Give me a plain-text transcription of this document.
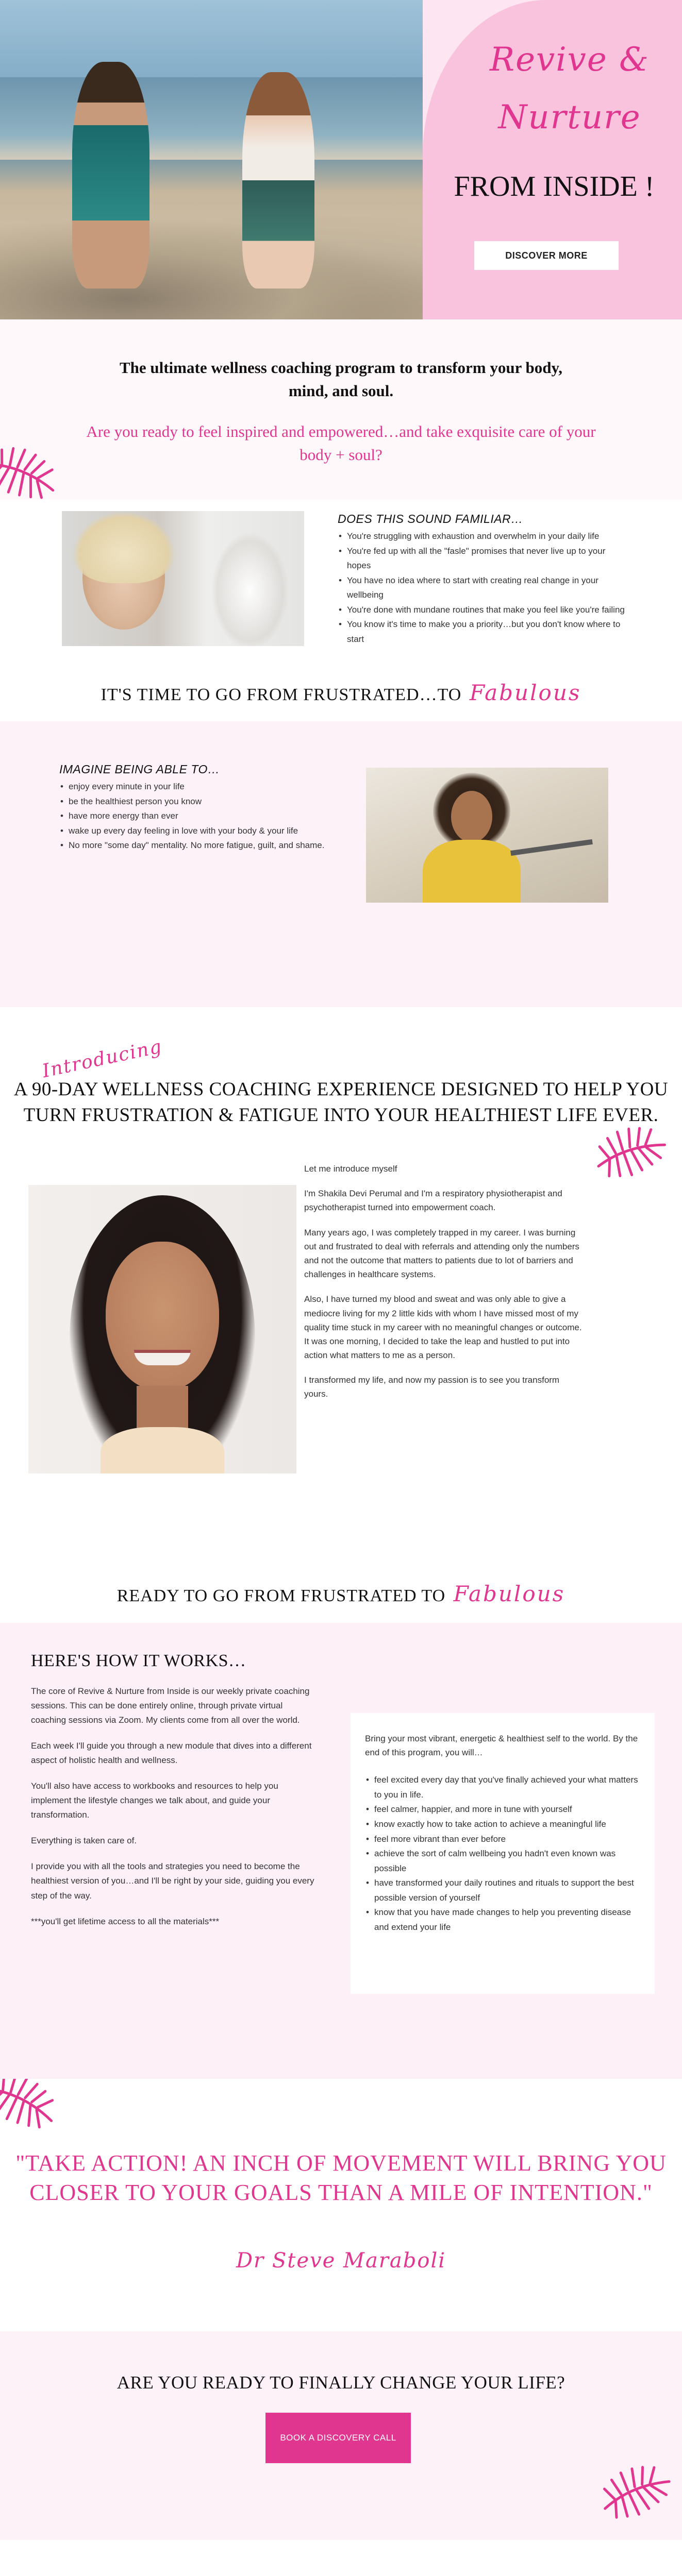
Revive & Nurture
FROM INSIDE !
DISCOVER MORE
The ultimate wellness coaching program to transform your body, mind, and soul.
Are you ready to feel inspired and empowered…and take exquisite care of your body + soul?
DOES THIS SOUND FAMILIAR…
• You're struggling with exhaustion and overwhelm in your daily life
• You're fed up with all the "fasle" promises that never live up to your hopes
• You have no idea where to start with creating real change in your wellbeing
• You're done with mundane routines that make you feel like you're failing
• You know it's time to make you a priority…but you don't know where to start
IT'S TIME TO GO FROM FRUSTRATED…TO Fabulous
IMAGINE BEING ABLE TO…
• enjoy every minute in your life
• be the healthiest person you know
• have more energy than ever
• wake up every day feeling in love with your body & your life
• No more "some day" mentality. No more fatigue, guilt, and shame.
Introducing
A 90-DAY WELLNESS COACHING EXPERIENCE DESIGNED TO HELP YOU TURN FRUSTRATION & FATIGUE INTO YOUR HEALTHIEST LIFE EVER.

Let me introduce myself

I'm Shakila Devi Perumal and I'm a respiratory physiotherapist and psychotherapist turned into empowerment coach.

Many years ago, I was completely trapped in my career. I was burning out and frustrated to deal with referrals and attending only the numbers and not the outcome that matters to patients due to lot of barriers and challenges in healthcare systems.

Also, I have turned my blood and sweat and was only able to give a mediocre living for my 2 little kids with whom I have missed most of my quality time stuck in my career with no meaningful changes or outcome. It was one morning, I decided to take the leap and hustled to put into action what matters to me as a person.

I transformed my life, and now my passion is to see you transform yours.

READY TO GO FROM FRUSTRATED TO Fabulous
HERE'S HOW IT WORKS…

The core of Revive & Nurture from Inside is our weekly private coaching sessions. This can be done entirely online, through private virtual coaching sessions via Zoom. My clients come from all over the world.

Each week I'll guide you through a new module that dives into a different aspect of holistic health and wellness.

You'll also have access to workbooks and resources to help you implement the lifestyle changes we talk about, and guide your transformation.

Everything is taken care of.

I provide you with all the tools and strategies you need to become the healthiest version of you…and I'll be right by your side, guiding you every step of the way.

***you'll get lifetime access to all the materials***

Bring your most vibrant, energetic & healthiest self to the world. By the end of this program, you will…

• feel excited every day that you've finally achieved your what matters to you in life.
• feel calmer, happier, and more in tune with yourself
• know exactly how to take action to achieve a meaningful life
• feel more vibrant than ever before
• achieve the sort of calm wellbeing you hadn't even known was possible
• have transformed your daily routines and rituals to support the best possible version of yourself
• know that you have made changes to help you preventing disease and extend your life
"TAKE ACTION! AN INCH OF MOVEMENT WILL BRING YOU CLOSER TO YOUR GOALS THAN A MILE OF INTENTION."
Dr Steve Maraboli
ARE YOU READY TO FINALLY CHANGE YOUR LIFE?
BOOK A DISCOVERY CALL
